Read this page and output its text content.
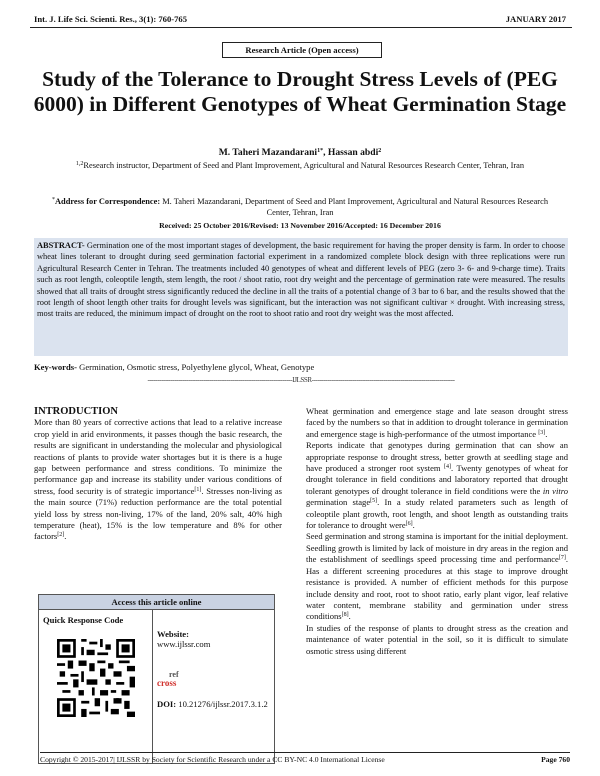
Int. J. Life Sci. Scienti. Res., 3(1): 760-765	JANUARY 2017
Research Article (Open access)
Study of the Tolerance to Drought Stress Levels of (PEG 6000) in Different Genotypes of Wheat Germination Stage
M. Taheri Mazandarani$^{1*}$, Hassan abdi$^2$
$^{1,2}$Research instructor, Department of Seed and Plant Improvement, Agricultural and Natural Resources Research Center, Tehran, Iran
*Address for Correspondence: M. Taheri Mazandarani, Department of Seed and Plant Improvement, Agricultural and Natural Resources Research Center, Tehran, Iran
Received: 25 October 2016/Revised: 13 November 2016/Accepted: 16 December 2016
ABSTRACT- Germination one of the most important stages of development, the basic requirement for having the proper density is farm. In order to choose wheat lines tolerant to drought during seed germination factorial experiment in a randomized complete block design with three replications were run Agricultural Research Center in Tehran. The treatments included 40 genotypes of wheat and different levels of PEG (zero 3- 6- and 9-charge time). Traits such as root length, coleoptile length, stem length, the root / shoot ratio, root dry weight and the percentage of germination rate were measured. The results showed that all traits of drought stress significantly reduced the decline in all the traits of a potential change of 3 bar to 6 bar, and the results showed that the root length of shoot length other traits for drought levels was significant, but the interaction was not significant cultivar × drought. With increasing stress, most traits are reduced, the minimum impact of drought on the root to shoot ratio and root dry weight was the most affected.
Key-words- Germination, Osmotic stress, Polyethylene glycol, Wheat, Genotype
---------------------------------------------------------------------------IJLSSR--------------------------------------------------------------------------
INTRODUCTION

More than 80 years of corrective actions that lead to a relative increase crop yield in arid environments, it passes though the basic research, the results are significant in understanding the molecular and physiological reactions of plants to provide water shortages but it is there is a huge gap between performance and stress conditions. To minimize the performance gap and increase its stability under various conditions of stress, food security is of strategic importance[1]. Stresses non-living as the main source (71%) reduction performance are the total potential yield loss by stress non-living, 17% of the land, 20% salt, 40% high temperature (heat), 15% is the low temperature and 8% for other factors[2].

Access this article online
Quick Response Code
Website:
www.ijlssr.com
ref
cross
DOI: 10.21276/ijlssr.2017.3.1.2

Wheat germination and emergence stage and late season drought stress faced by the numbers so that in addition to drought tolerance in germination and emergence stage is high-performance of the utmost importance [3].

Reports indicate that genotypes during germination that can show an appropriate response to drought stress, better growth at seedling stage and have produced a stronger root system [4]. Twenty genotypes of wheat for drought tolerance in field conditions and laboratory reported that drought tolerant genotypes of drought tolerance in field conditions were the in vitro germination stage[5]. In a study related parameters such as length of coleoptile plant growth, root length, and shoot length as outstanding traits for tolerance to drought were[6].

Seed germination and strong stamina is important for the initial deployment. Seedling growth is limited by lack of moisture in dry areas in the region and the establishment of seedlings speed processing time and performance[7]. Has a different screening procedures at this stage to improve drought resistance is provided. A number of efficient methods for this purpose include density and root, root to shoot ratio, early plant vigor, leaf relative water content, membrane stability and germination under stress conditions[8].

In studies of the response of plants to drought stress as the creation and maintenance of water potential in the soil, so it is difficult to simulate osmotic stress using different

Copyright © 2015-2017| IJLSSR by Society for Scientific Research under a CC BY-NC 4.0 International License	Page 760
